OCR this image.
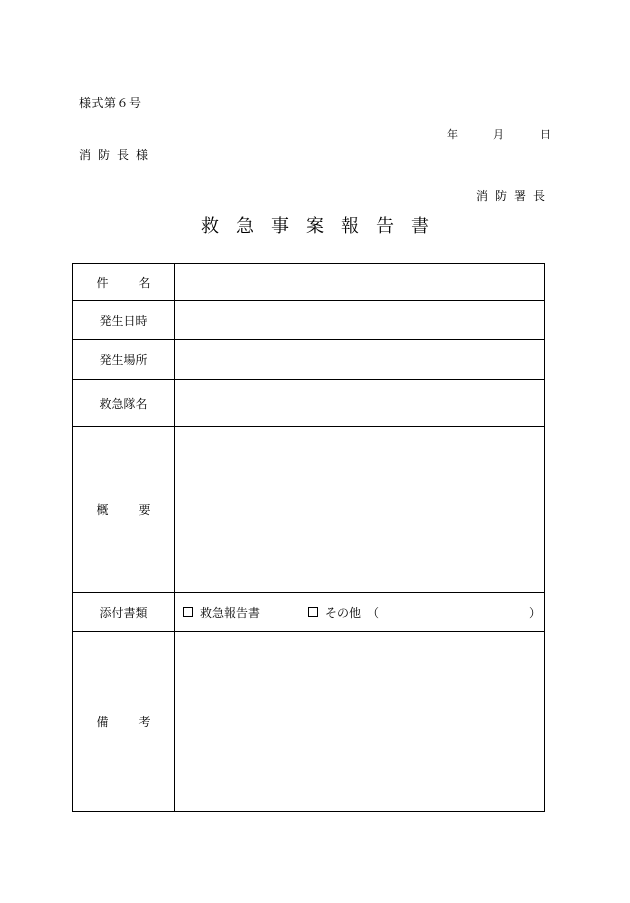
様式第６号
年	月	日
消防長様
消防署長
救急事案報告書
件	名
発生日時
発生場所
救急隊名
概	要
添付書類	救急報告書	その他 （	）
備	考
